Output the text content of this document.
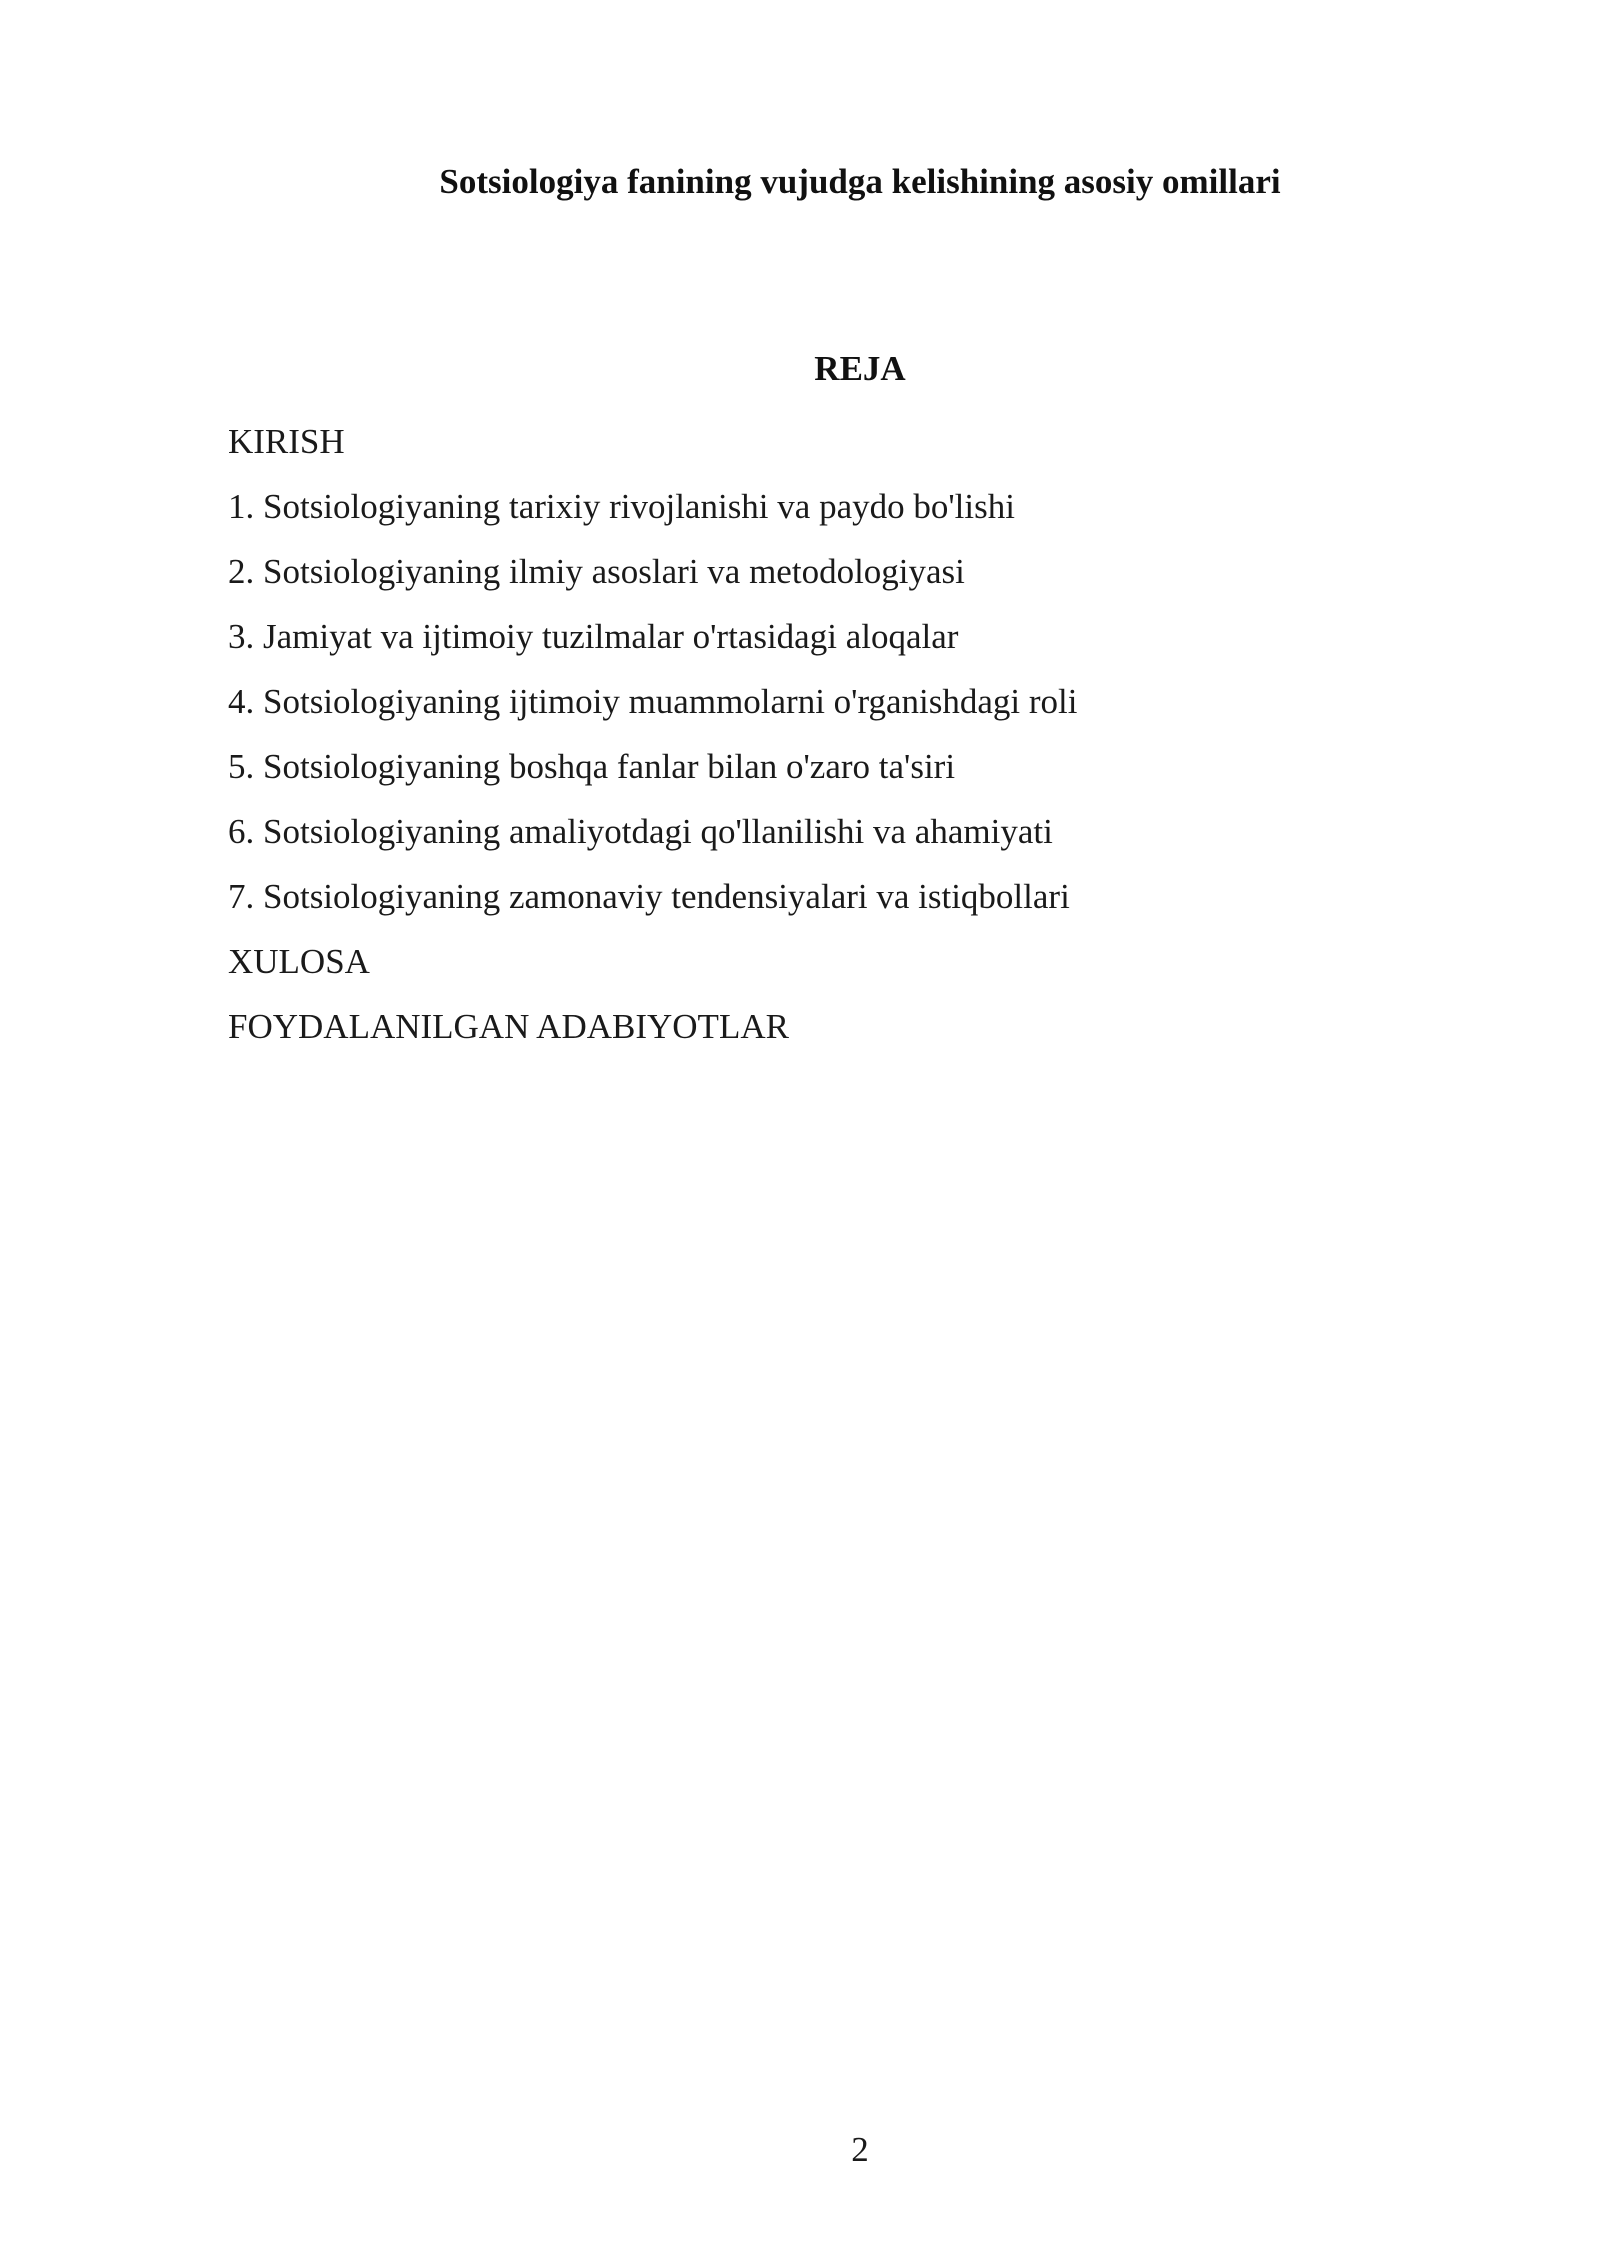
Sotsiologiya fanining vujudga kelishining asosiy omillari
REJA
KIRISH
1. Sotsiologiyaning tarixiy rivojlanishi va paydo bo'lishi
2. Sotsiologiyaning ilmiy asoslari va metodologiyasi
3. Jamiyat va ijtimoiy tuzilmalar o'rtasidagi aloqalar
4. Sotsiologiyaning ijtimoiy muammolarni o'rganishdagi roli
5. Sotsiologiyaning boshqa fanlar bilan o'zaro ta'siri
6. Sotsiologiyaning amaliyotdagi qo'llanilishi va ahamiyati
7. Sotsiologiyaning zamonaviy tendensiyalari va istiqbollari
XULOSA
FOYDALANILGAN ADABIYOTLAR
2
